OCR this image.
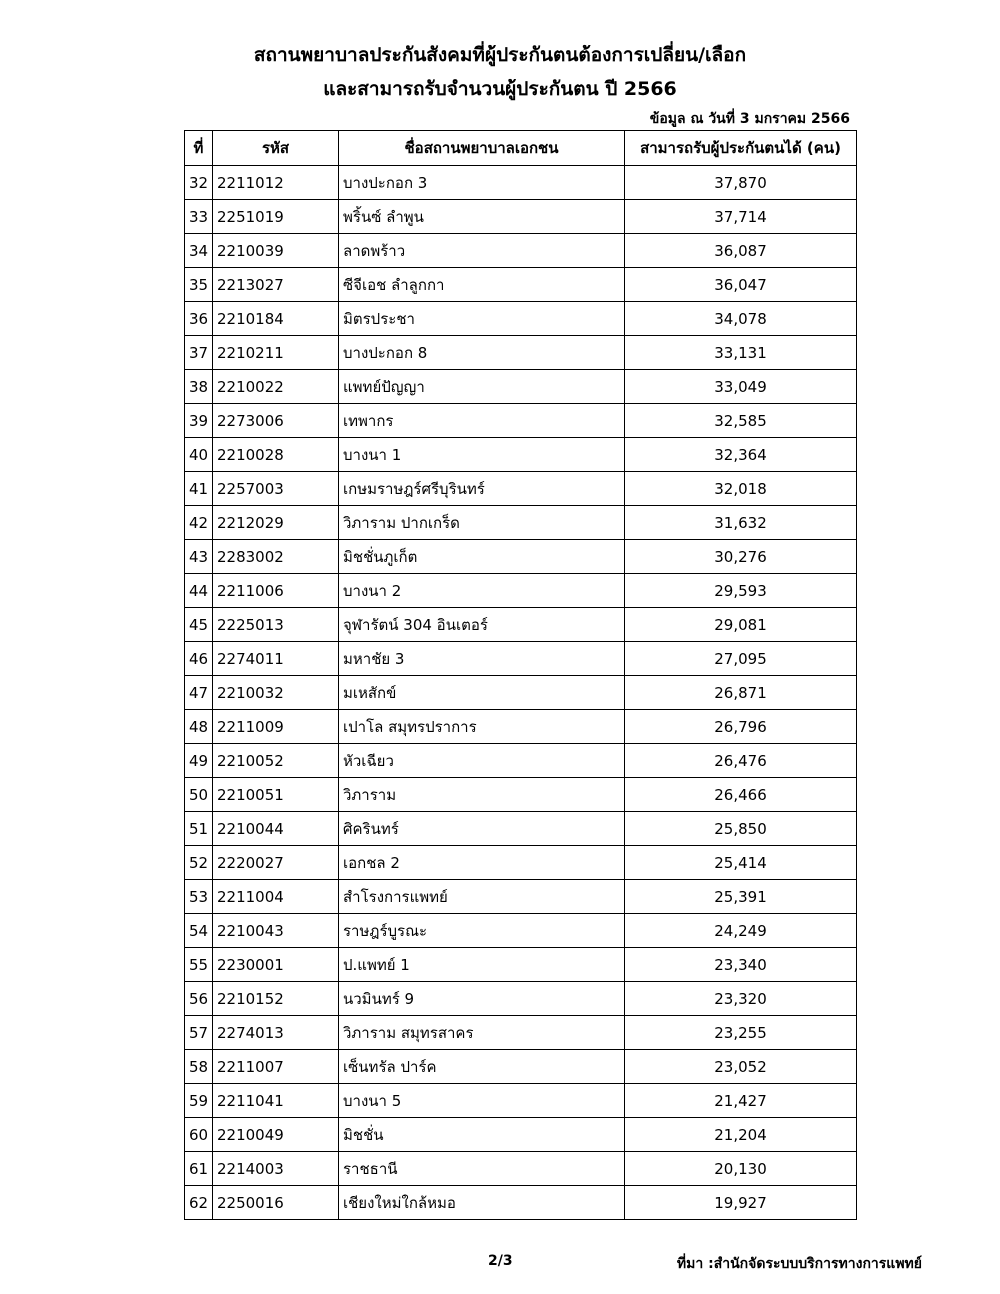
สถานพยาบาลประกันสังคมที่ผู้ประกันตนต้องการเปลี่ยน/เลือก
และสามารถรับจำนวนผู้ประกันตน ปี 2566
ข้อมูล ณ วันที่ 3 มกราคม 2566
ที่	รหัส	ชื่อสถานพยาบาลเอกชน	สามารถรับผู้ประกันตนได้ (คน)
32	2211012	บางปะกอก 3	37,870
33	2251019	พริ้นซ์ ลำพูน	37,714
34	2210039	ลาดพร้าว	36,087
35	2213027	ซีจีเอช ลำลูกกา	36,047
36	2210184	มิตรประชา	34,078
37	2210211	บางปะกอก 8	33,131
38	2210022	แพทย์ปัญญา	33,049
39	2273006	เทพากร	32,585
40	2210028	บางนา 1	32,364
41	2257003	เกษมราษฎร์ศรีบุรินทร์	32,018
42	2212029	วิภาราม ปากเกร็ด	31,632
43	2283002	มิชชั่นภูเก็ต	30,276
44	2211006	บางนา 2	29,593
45	2225013	จุฬารัตน์ 304 อินเตอร์	29,081
46	2274011	มหาชัย 3	27,095
47	2210032	มเหสักข์	26,871
48	2211009	เปาโล สมุทรปราการ	26,796
49	2210052	หัวเฉียว	26,476
50	2210051	วิภาราม	26,466
51	2210044	ศิครินทร์	25,850
52	2220027	เอกชล 2	25,414
53	2211004	สำโรงการแพทย์	25,391
54	2210043	ราษฎร์บูรณะ	24,249
55	2230001	ป.แพทย์ 1	23,340
56	2210152	นวมินทร์ 9	23,320
57	2274013	วิภาราม สมุทรสาคร	23,255
58	2211007	เซ็นทรัล ปาร์ค	23,052
59	2211041	บางนา 5	21,427
60	2210049	มิชชั่น	21,204
61	2214003	ราชธานี	20,130
62	2250016	เชียงใหม่ใกล้หมอ	19,927
2/3	ที่มา :สำนักจัดระบบบริการทางการแพทย์
